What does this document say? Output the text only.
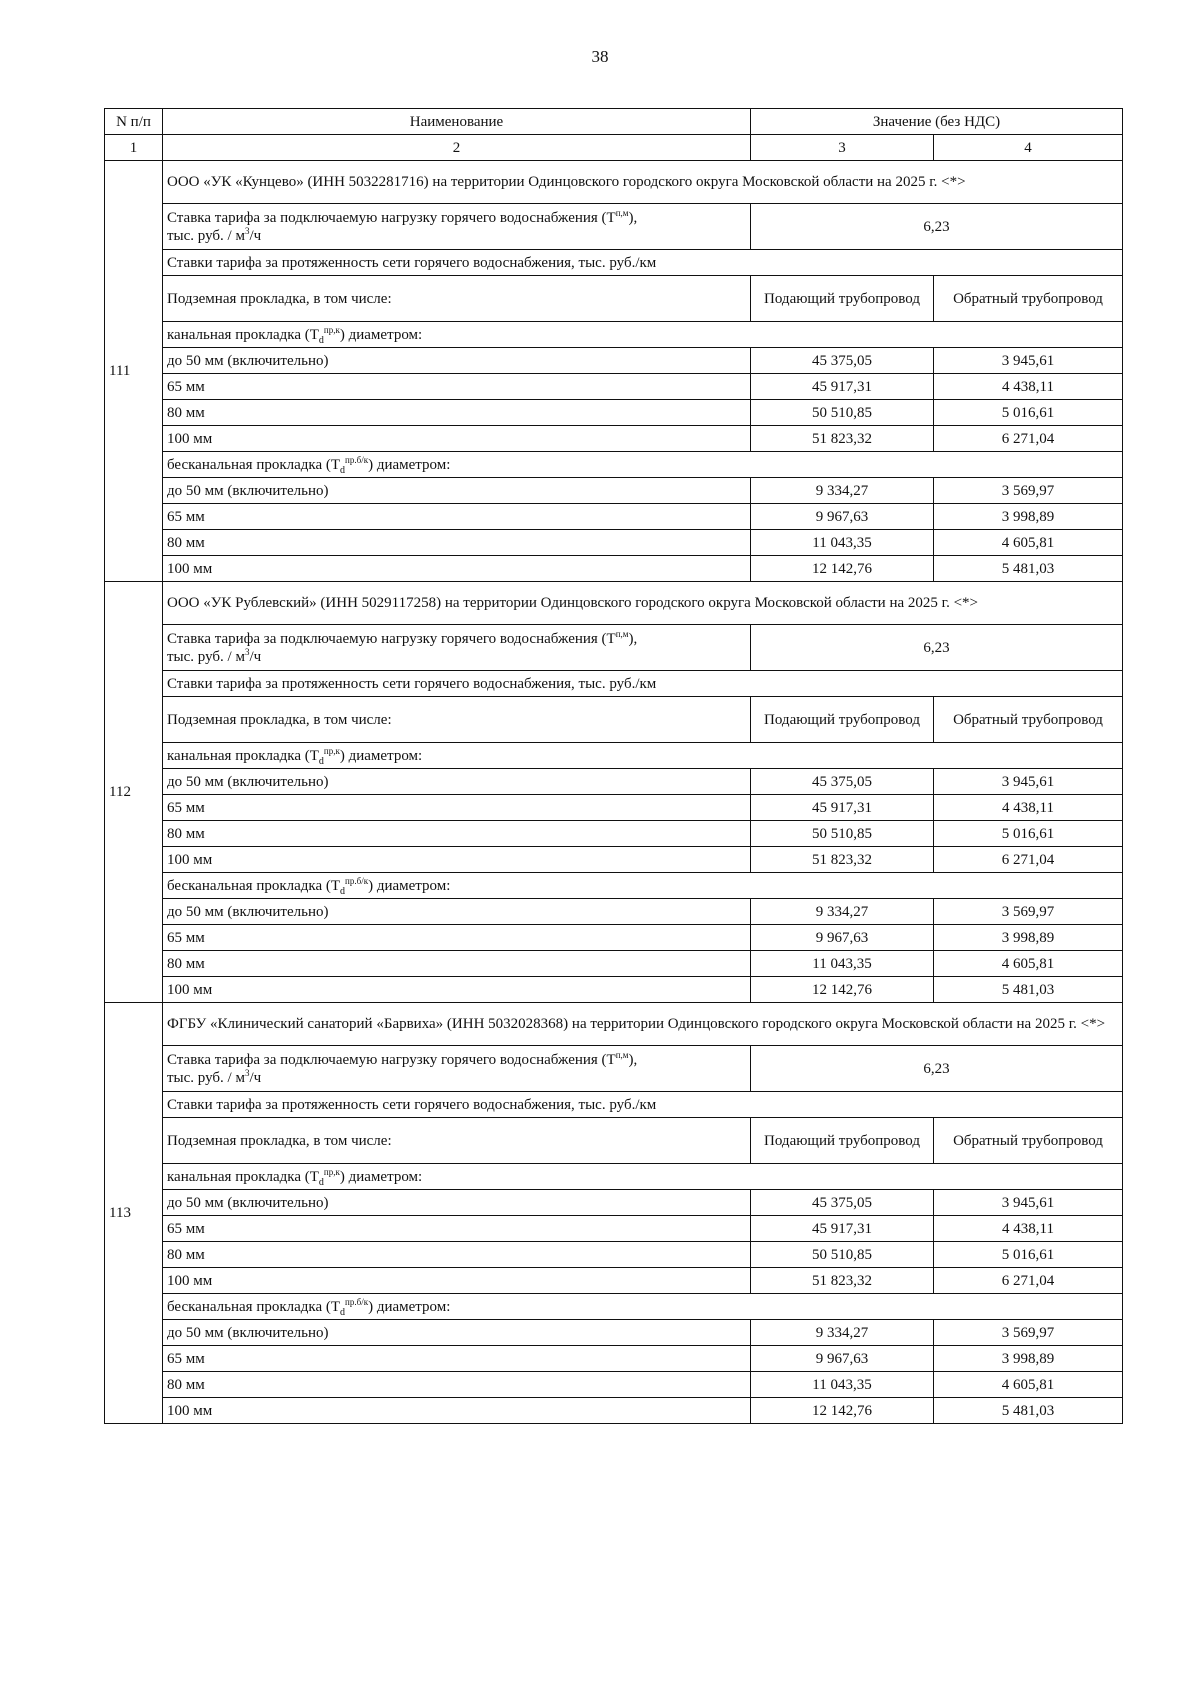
38
N п/п	Наименование	Значение (без НДС)	
1	2	3	4
111	ООО «УК «Кунцево» (ИНН 5032281716) на территории Одинцовского городского округа Московской области на 2025 г. <*>		
	Ставка тарифа за подключаемую нагрузку горячего водоснабжения $(Т^{п,м})$,
тыс. руб. / $м^3/ч$	6,23	
	Ставки тарифа за протяженность сети горячего водоснабжения, тыс. руб./км		
	Подземная прокладка, в том числе:	Подающий трубопровод	Обратный трубопровод
	канальная прокладка $(Т_d^{пр,к})$ диаметром:		
	до 50 мм (включительно)	45 375,05	3 945,61
	65 мм	45 917,31	4 438,11
	80 мм	50 510,85	5 016,61
	100 мм	51 823,32	6 271,04
	бесканальная прокладка $(Т_d^{пр.б/к})$ диаметром:		
	до 50 мм (включительно)	9 334,27	3 569,97
	65 мм	9 967,63	3 998,89
	80 мм	11 043,35	4 605,81
	100 мм	12 142,76	5 481,03
112	ООО «УК Рублевский» (ИНН 5029117258) на территории Одинцовского городского округа Московской области на 2025 г. <*>		
	Ставка тарифа за подключаемую нагрузку горячего водоснабжения $(Т^{п,м})$,
тыс. руб. / $м^3/ч$	6,23	
	Ставки тарифа за протяженность сети горячего водоснабжения, тыс. руб./км		
	Подземная прокладка, в том числе:	Подающий трубопровод	Обратный трубопровод
	канальная прокладка $(Т_d^{пр,к})$ диаметром:		
	до 50 мм (включительно)	45 375,05	3 945,61
	65 мм	45 917,31	4 438,11
	80 мм	50 510,85	5 016,61
	100 мм	51 823,32	6 271,04
	бесканальная прокладка $(Т_d^{пр.б/к})$ диаметром:		
	до 50 мм (включительно)	9 334,27	3 569,97
	65 мм	9 967,63	3 998,89
	80 мм	11 043,35	4 605,81
	100 мм	12 142,76	5 481,03
113	ФГБУ «Клинический санаторий «Барвиха» (ИНН 5032028368) на территории Одинцовского городского округа Московской области на 2025 г. <*>		
	Ставка тарифа за подключаемую нагрузку горячего водоснабжения $(Т^{п,м})$,
тыс. руб. / $м^3/ч$	6,23	
	Ставки тарифа за протяженность сети горячего водоснабжения, тыс. руб./км		
	Подземная прокладка, в том числе:	Подающий трубопровод	Обратный трубопровод
	канальная прокладка $(Т_d^{пр,к})$ диаметром:		
	до 50 мм (включительно)	45 375,05	3 945,61
	65 мм	45 917,31	4 438,11
	80 мм	50 510,85	5 016,61
	100 мм	51 823,32	6 271,04
	бесканальная прокладка $(Т_d^{пр.б/к})$ диаметром:		
	до 50 мм (включительно)	9 334,27	3 569,97
	65 мм	9 967,63	3 998,89
	80 мм	11 043,35	4 605,81
	100 мм	12 142,76	5 481,03
